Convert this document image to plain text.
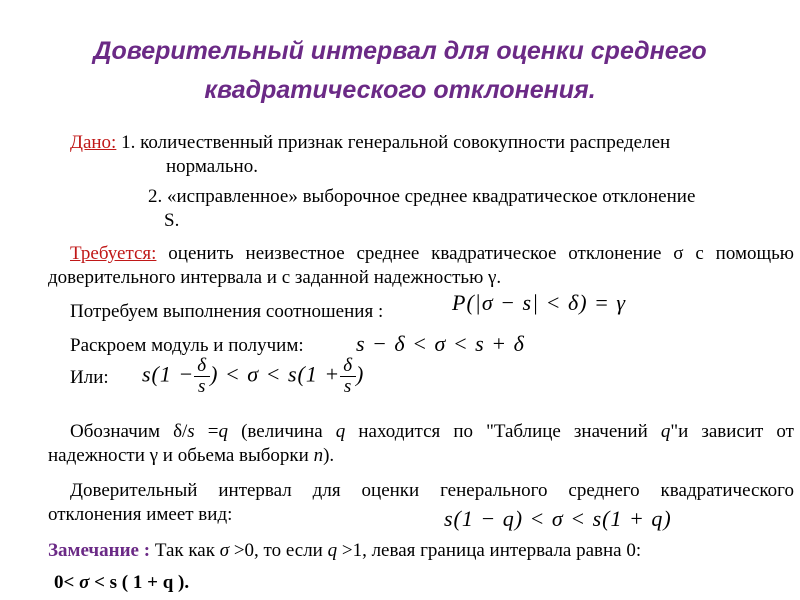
Доверительный интервал для оценки среднего
квадратического отклонения.
Дано: 1. количественный признак генеральной совокупности распределен
нормально.
2. «исправленное» выборочное среднее квадратическое отклонение
S.
Требуется: оценить неизвестное среднее квадратическое отклонение σ с помощью доверительного интервала и с заданной надежностью γ.
Потребуем выполнения соотношения :	P(|σ − s| < δ) = γ
Раскроем модуль и получим:	s − δ < σ < s + δ
Или:	$s(1 - \frac{\delta}{s}$ ) < $\sigma < s(1 + \frac{\delta}{s}$ )
Обозначим δ/s =q (величина q находится по "Таблице значений q"и зависит от надежности γ и обьема выборки n).
Доверительный интервал для оценки генерального среднего квадратического отклонения имеет вид:	s(1 − q) < σ < s(1 + q)
Замечание : Так как σ >0, то если q >1, левая граница интервала равна 0:
0< σ < s ( 1 + q ).
